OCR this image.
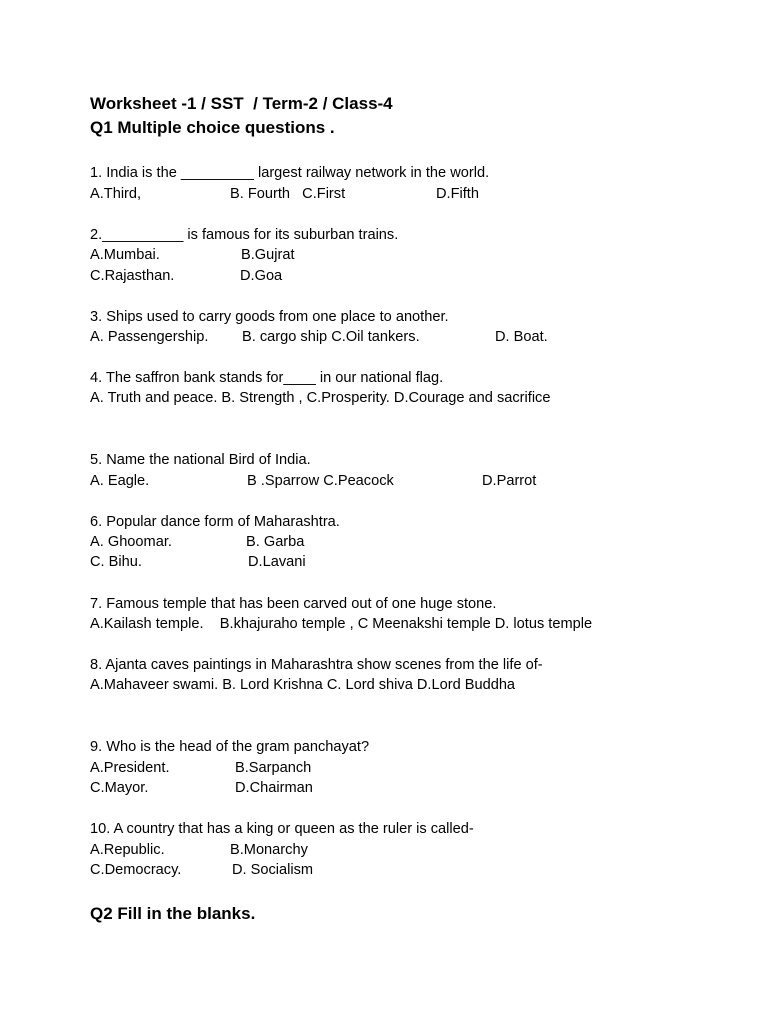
Worksheet -1 / SST  / Term-2 / Class-4
Q1 Multiple choice questions .
1. India is the _________ largest railway network in the world.

A.Third,

	B. Fourth   C.First

	D.Fifth

2.__________ is famous for its suburban trains.

A.Mumbai.

	B.Gujrat

C.Rajasthan.

	D.Goa

3. Ships used to carry goods from one place to another.

A. Passengership.

B. cargo ship C.Oil tankers.

	D. Boat.

4. The saffron bank stands for____ in our national flag.
A. Truth and peace. B. Strength , C.Prosperity. D.Courage and sacrifice
5. Name the national Bird of India.

A. Eagle.

	B .Sparrow C.Peacock

	D.Parrot

6. Popular dance form of Maharashtra.

A. Ghoomar.

	B. Garba

C. Bihu.

	D.Lavani

7. Famous temple that has been carved out of one huge stone.
A.Kailash temple.    B.khajuraho temple , C Meenakshi temple D. lotus temple
8. Ajanta caves paintings in Maharashtra show scenes from the life of-
A.Mahaveer swami. B. Lord Krishna C. Lord shiva D.Lord Buddha
9. Who is the head of the gram panchayat?

A.President.

	B.Sarpanch

C.Mayor.

	D.Chairman

10. A country that has a king or queen as the ruler is called-

A.Republic.

	B.Monarchy

C.Democracy.

	D. Socialism

Q2 Fill in the blanks.
